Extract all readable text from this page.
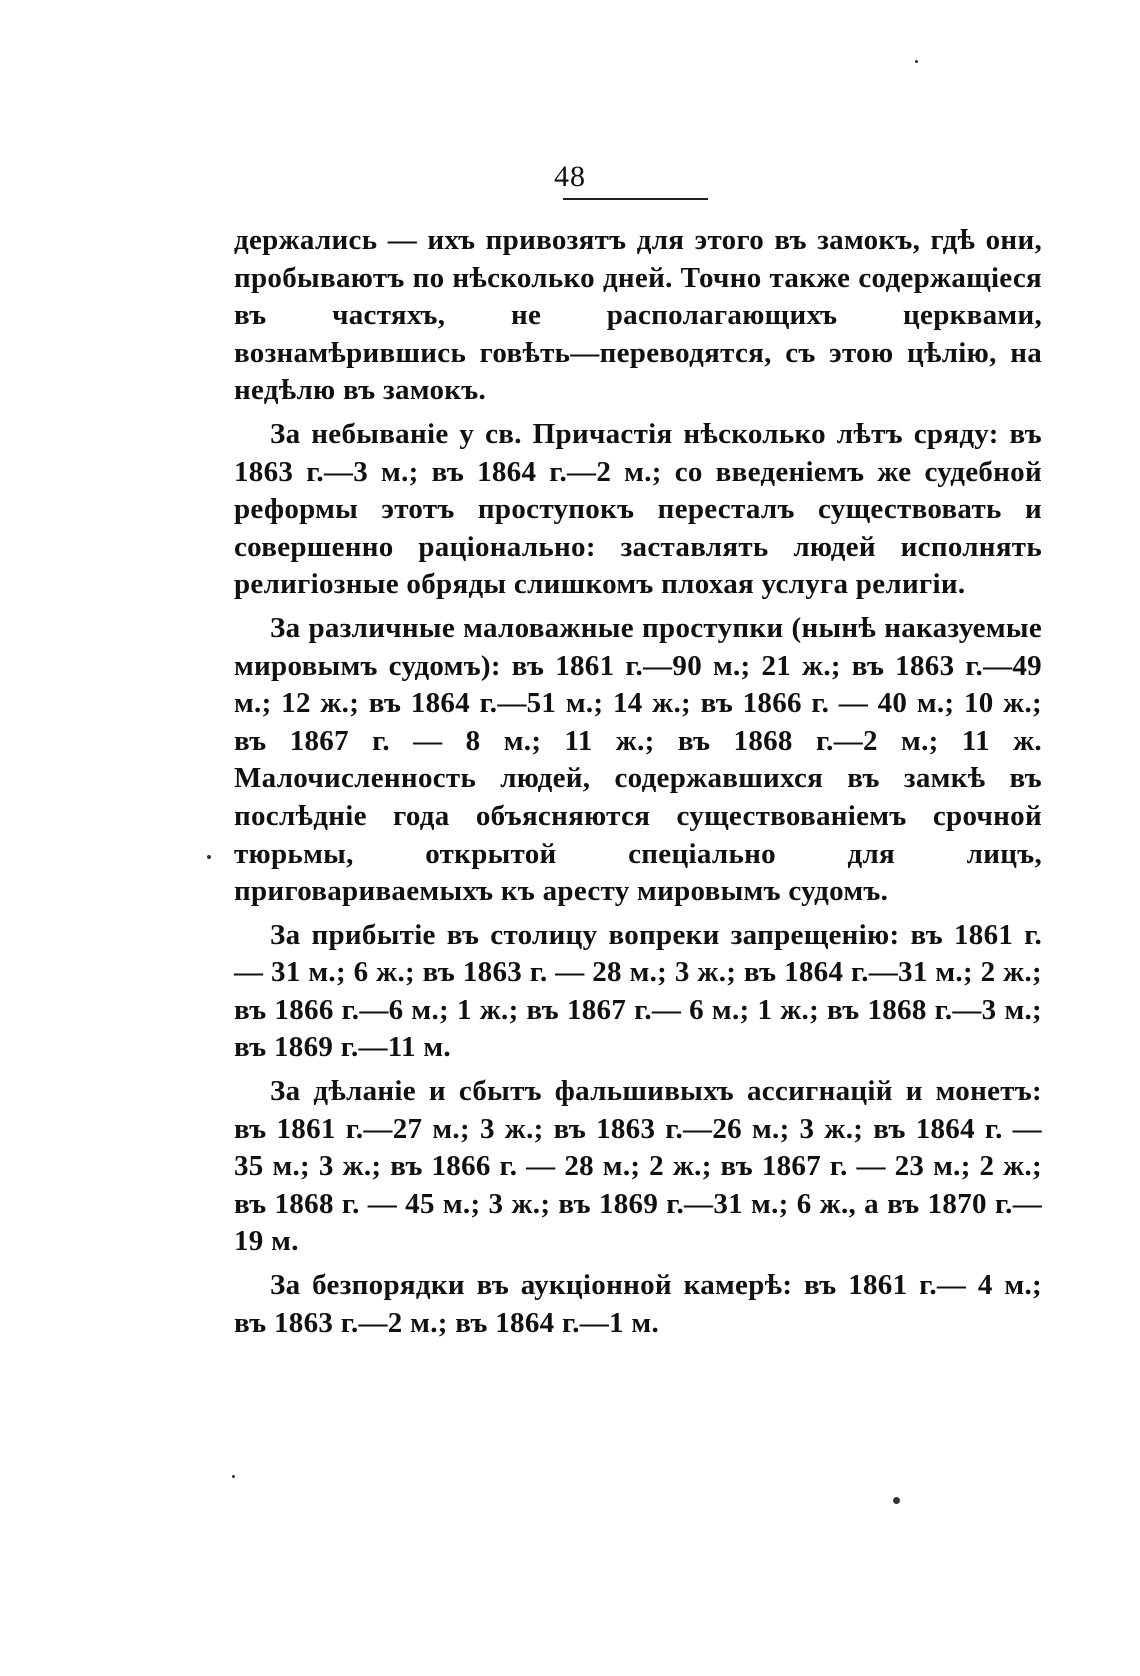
48

держались — ихъ привозятъ для этого въ замокъ, гдѣ они, пробываютъ по нѣсколько дней. Точно также содержащіеся въ частяхъ, не располагающихъ церквами, вознамѣрившись говѣть—переводятся, съ этою цѣлію, на недѣлю въ замокъ.

За небываніе у св. Причастія нѣсколько лѣтъ сряду: въ 1863 г.—3 м.; въ 1864 г.—2 м.; со введеніемъ же судебной реформы этотъ проступокъ пересталъ существовать и совершенно раціонально: заставлять людей исполнять религіозные обряды слишкомъ плохая услуга религіи.

За различные маловажные проступки (нынѣ наказуемые мировымъ судомъ): въ 1861 г.—90 м.; 21 ж.; въ 1863 г.—49 м.; 12 ж.; въ 1864 г.—51 м.; 14 ж.; въ 1866 г. — 40 м.; 10 ж.; въ 1867 г. — 8 м.; 11 ж.; въ 1868 г.—2 м.; 11 ж. Малочисленность людей, содержавшихся въ замкѣ въ послѣдніе года объясняются существованіемъ срочной тюрьмы, открытой спеціально для лицъ, приговариваемыхъ къ аресту мировымъ судомъ.

За прибытіе въ столицу вопреки запрещенію: въ 1861 г. — 31 м.; 6 ж.; въ 1863 г. — 28 м.; 3 ж.; въ 1864 г.—31 м.; 2 ж.; въ 1866 г.—6 м.; 1 ж.; въ 1867 г.— 6 м.; 1 ж.; въ 1868 г.—3 м.; въ 1869 г.—11 м.

За дѣланіе и сбытъ фальшивыхъ ассигнацій и монетъ: въ 1861 г.—27 м.; 3 ж.; въ 1863 г.—26 м.; 3 ж.; въ 1864 г. — 35 м.; 3 ж.; въ 1866 г. — 28 м.; 2 ж.; въ 1867 г. — 23 м.; 2 ж.; въ 1868 г. — 45 м.; 3 ж.; въ 1869 г.—31 м.; 6 ж., а въ 1870 г.—19 м.

За безпорядки въ аукціонной камерѣ: въ 1861 г.— 4 м.; въ 1863 г.—2 м.; въ 1864 г.—1 м.
